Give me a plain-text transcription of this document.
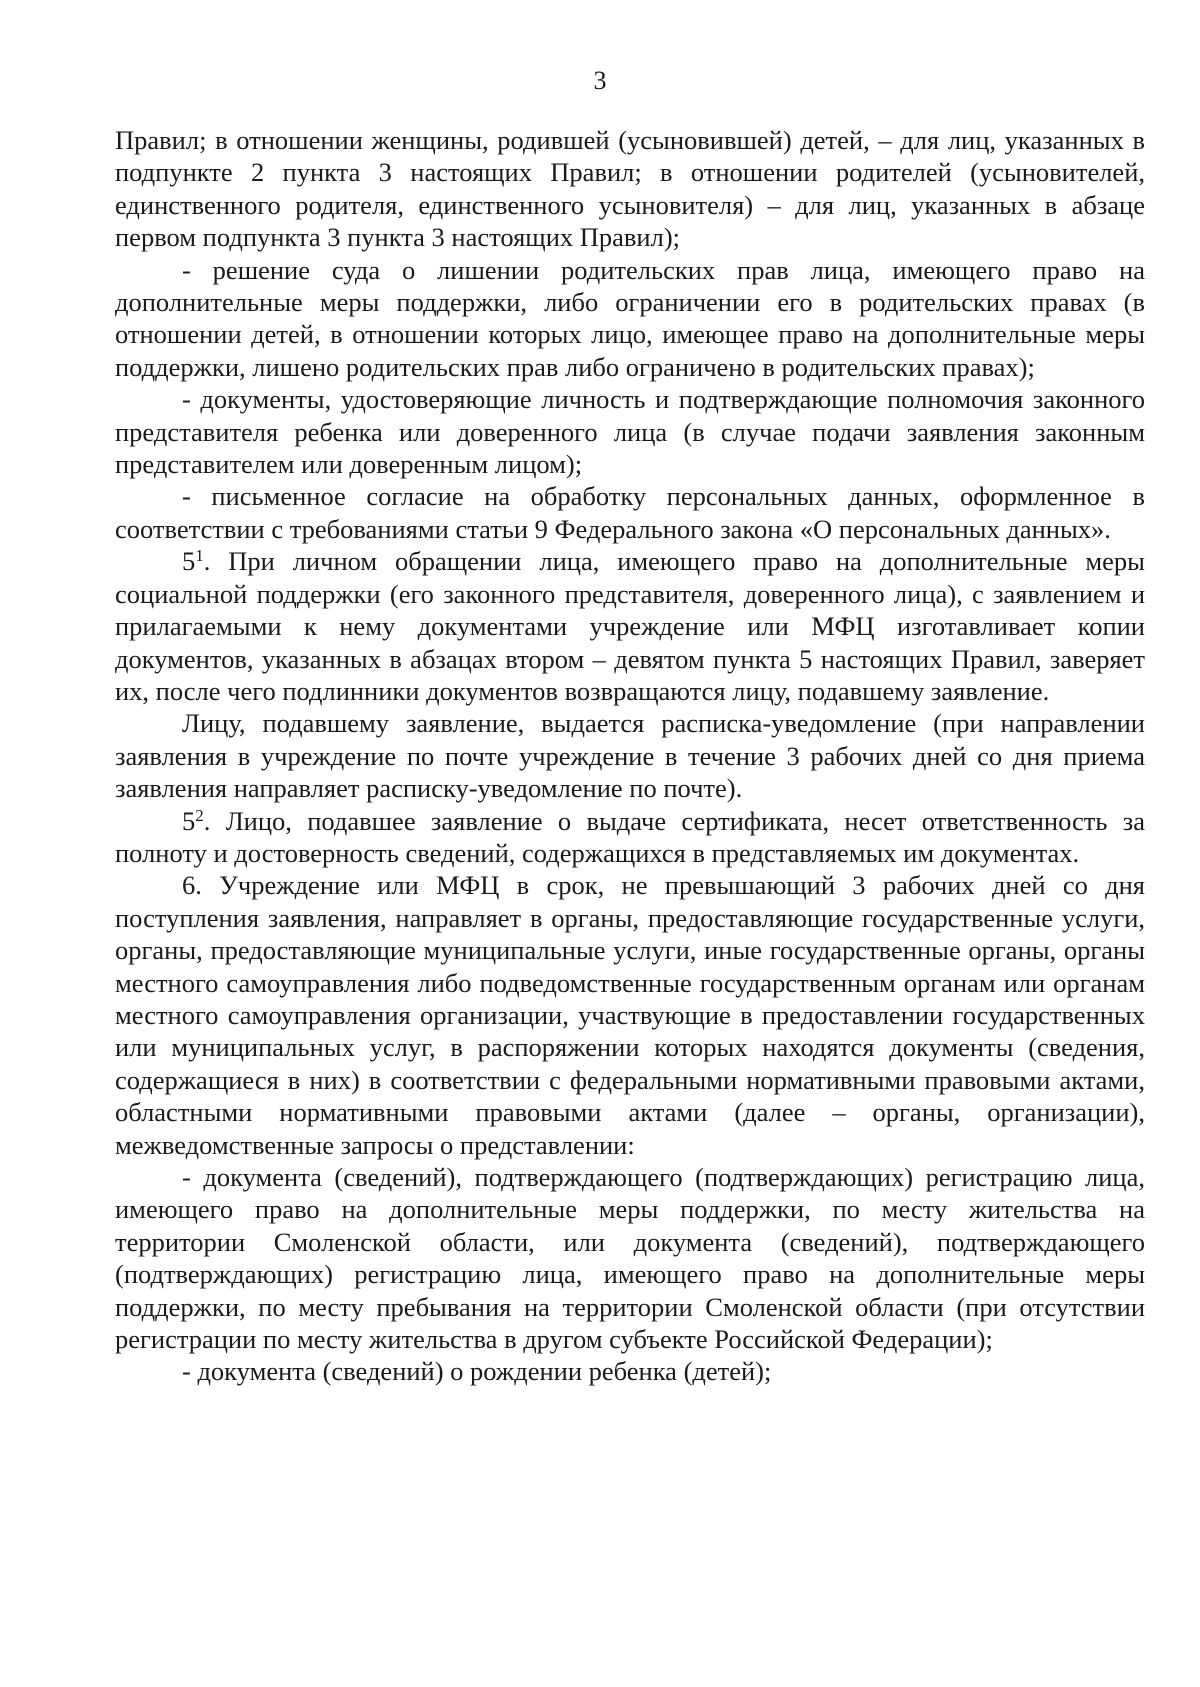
3

Правил; в отношении женщины, родившей (усыновившей) детей, – для лиц, указанных в подпункте 2 пункта 3 настоящих Правил; в отношении родителей (усыновителей, единственного родителя, единственного усыновителя) – для лиц, указанных в абзаце первом подпункта 3 пункта 3 настоящих Правил);

- решение суда о лишении родительских прав лица, имеющего право на дополнительные меры поддержки, либо ограничении его в родительских правах (в отношении детей, в отношении которых лицо, имеющее право на дополнительные меры поддержки, лишено родительских прав либо ограничено в родительских правах);

- документы, удостоверяющие личность и подтверждающие полномочия законного представителя ребенка или доверенного лица (в случае подачи заявления законным представителем или доверенным лицом);

- письменное согласие на обработку персональных данных, оформленное в соответствии с требованиями статьи 9 Федерального закона «О персональных данных».

$5^1$. При личном обращении лица, имеющего право на дополнительные меры социальной поддержки (его законного представителя, доверенного лица), с заявлением и прилагаемыми к нему документами учреждение или МФЦ изготавливает копии документов, указанных в абзацах втором – девятом пункта 5 настоящих Правил, заверяет их, после чего подлинники документов возвращаются лицу, подавшему заявление.

Лицу, подавшему заявление, выдается расписка-уведомление (при направлении заявления в учреждение по почте учреждение в течение 3 рабочих дней со дня приема заявления направляет расписку-уведомление по почте).

$5^2$. Лицо, подавшее заявление о выдаче сертификата, несет ответственность за полноту и достоверность сведений, содержащихся в представляемых им документах.

6. Учреждение или МФЦ в срок, не превышающий 3 рабочих дней со дня поступления заявления, направляет в органы, предоставляющие государственные услуги, органы, предоставляющие муниципальные услуги, иные государственные органы, органы местного самоуправления либо подведомственные государственным органам или органам местного самоуправления организации, участвующие в предоставлении государственных или муниципальных услуг, в распоряжении которых находятся документы (сведения, содержащиеся в них) в соответствии с федеральными нормативными правовыми актами, областными нормативными правовыми актами (далее – органы, организации), межведомственные запросы о представлении:

- документа (сведений), подтверждающего (подтверждающих) регистрацию лица, имеющего право на дополнительные меры поддержки, по месту жительства на территории Смоленской области, или документа (сведений), подтверждающего (подтверждающих) регистрацию лица, имеющего право на дополнительные меры поддержки, по месту пребывания на территории Смоленской области (при отсутствии регистрации по месту жительства в другом субъекте Российской Федерации);

- документа (сведений) о рождении ребенка (детей);
